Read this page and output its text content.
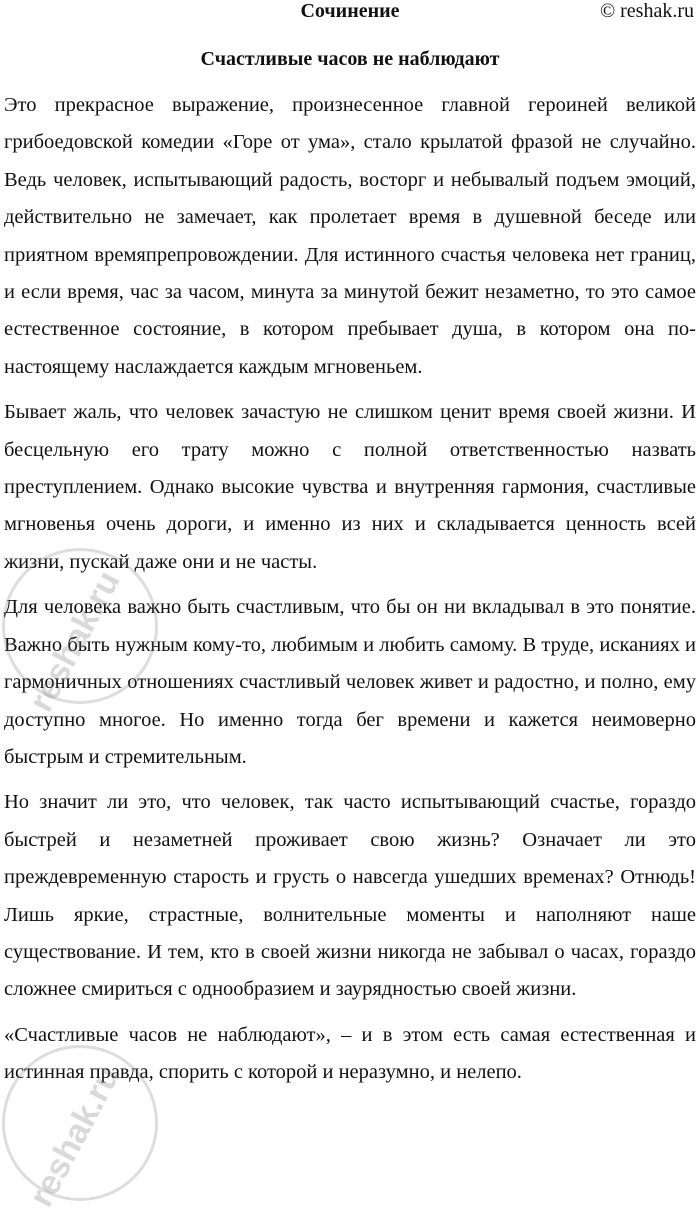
Сочинение	© reshak.ru
Счастливые часов не наблюдают

Это прекрасное выражение, произнесенное главной героиней великой грибоедовской комедии «Горе от ума», стало крылатой фразой не случайно. Ведь человек, испытывающий радость, восторг и небывалый подъем эмоций, действительно не замечает, как пролетает время в душевной беседе или приятном времяпрепровождении. Для истинного счастья человека нет границ, и если время, час за часом, минута за минутой бежит незаметно, то это самое естественное состояние, в котором пребывает душа, в котором она по-настоящему наслаждается каждым мгновеньем.

Бывает жаль, что человек зачастую не слишком ценит время своей жизни. И бесцельную его трату можно с полной ответственностью назвать преступлением. Однако высокие чувства и внутренняя гармония, счастливые мгновенья очень дороги, и именно из них и складывается ценность всей жизни, пускай даже они и не часты.

Для человека важно быть счастливым, что бы он ни вкладывал в это понятие. Важно быть нужным кому-то, любимым и любить самому. В труде, исканиях и гармоничных отношениях счастливый человек живет и радостно, и полно, ему доступно многое. Но именно тогда бег времени и кажется неимоверно быстрым и стремительным.

Но значит ли это, что человек, так часто испытывающий счастье, гораздо быстрей и незаметней проживает свою жизнь? Означает ли это преждевременную старость и грусть о навсегда ушедших временах? Отнюдь! Лишь яркие, страстные, волнительные моменты и наполняют наше существование. И тем, кто в своей жизни никогда не забывал о часах, гораздо сложнее смириться с однообразием и заурядностью своей жизни.

«Счастливые часов не наблюдают», – и в этом есть самая естественная и истинная правда, спорить с которой и неразумно, и нелепо.

reshak.ru
reshak.ru
